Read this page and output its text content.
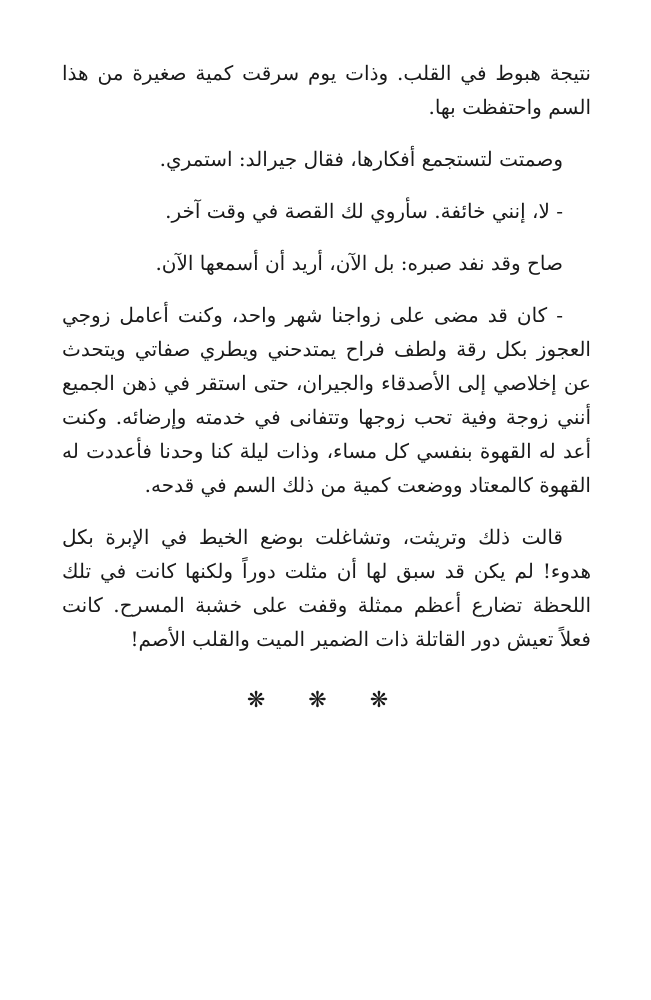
نتيجة هبوط في القلب. وذات يوم سرقت كمية صغيرة من هذا السم واحتفظت بها.

وصمتت لتستجمع أفكارها، فقال جيرالد: استمري.

- لا، إنني خائفة. سأروي لك القصة في وقت آخر.

صاح وقد نفد صبره: بل الآن، أريد أن أسمعها الآن.

- كان قد مضى على زواجنا شهر واحد، وكنت أعامل زوجي العجوز بكل رقة ولطف فراح يمتدحني ويطري صفاتي ويتحدث عن إخلاصي إلى الأصدقاء والجيران، حتى استقر في ذهن الجميع أنني زوجة وفية تحب زوجها وتتفانى في خدمته وإرضائه. وكنت أعد له القهوة بنفسي كل مساء، وذات ليلة كنا وحدنا فأعددت له القهوة كالمعتاد ووضعت كمية من ذلك السم في قدحه.

قالت ذلك وتريثت، وتشاغلت بوضع الخيط في الإبرة بكل هدوء! لم يكن قد سبق لها أن مثلت دوراً ولكنها كانت في تلك اللحظة تضارع أعظم ممثلة وقفت على خشبة المسرح. كانت فعلاً تعيش دور القاتلة ذات الضمير الميت والقلب الأصم!

❋ ❋ ❋
